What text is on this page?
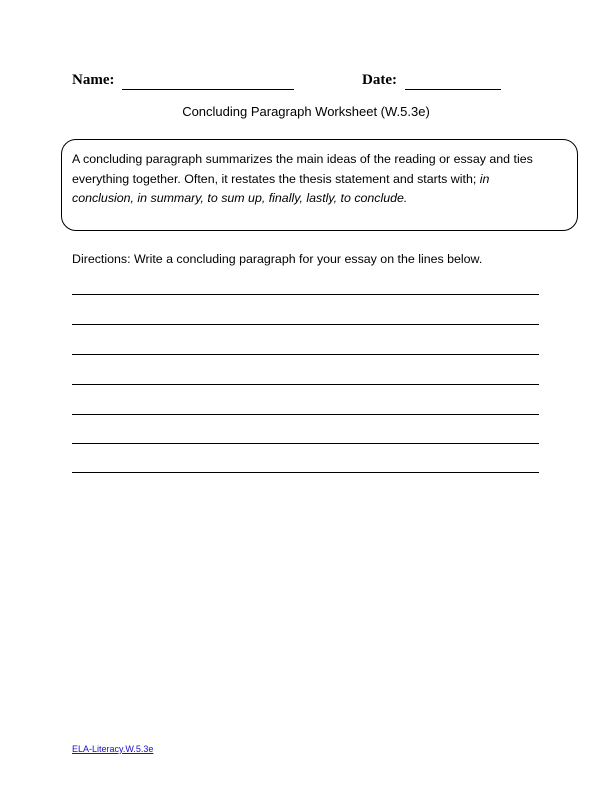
Name:	Date:
Concluding Paragraph Worksheet (W.5.3e)
A concluding paragraph summarizes the main ideas of the reading or essay and ties
everything together. Often, it restates the thesis statement and starts with; in
conclusion, in summary, to sum up, finally, lastly, to conclude.
Directions: Write a concluding paragraph for your essay on the lines below.
ELA-Literacy.W.5.3e
